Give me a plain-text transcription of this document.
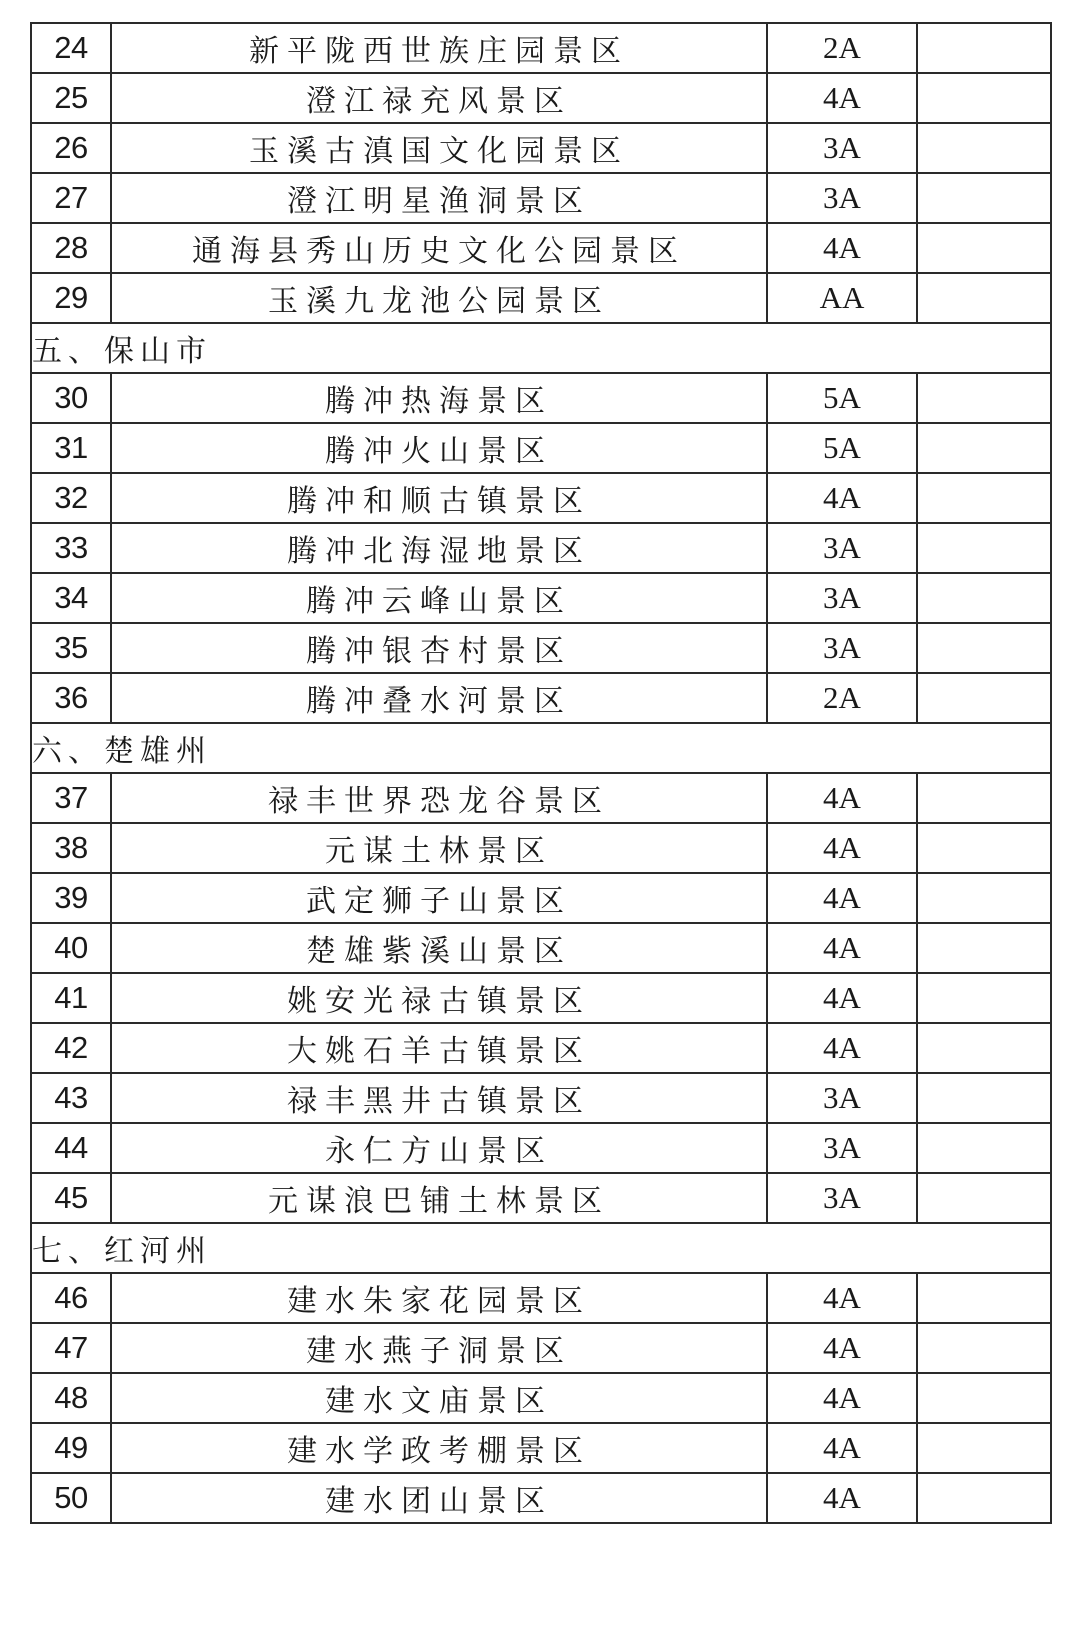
24	新平陇西世族庄园景区	2A	
25	澄江禄充风景区	4A	
26	玉溪古滇国文化园景区	3A	
27	澄江明星渔洞景区	3A	
28	通海县秀山历史文化公园景区	4A	
29	玉溪九龙池公园景区	AA	
五、保山市			
30	腾冲热海景区	5A	
31	腾冲火山景区	5A	
32	腾冲和顺古镇景区	4A	
33	腾冲北海湿地景区	3A	
34	腾冲云峰山景区	3A	
35	腾冲银杏村景区	3A	
36	腾冲叠水河景区	2A	
六、楚雄州			
37	禄丰世界恐龙谷景区	4A	
38	元谋土林景区	4A	
39	武定狮子山景区	4A	
40	楚雄紫溪山景区	4A	
41	姚安光禄古镇景区	4A	
42	大姚石羊古镇景区	4A	
43	禄丰黑井古镇景区	3A	
44	永仁方山景区	3A	
45	元谋浪巴铺土林景区	3A	
七、红河州			
46	建水朱家花园景区	4A	
47	建水燕子洞景区	4A	
48	建水文庙景区	4A	
49	建水学政考棚景区	4A	
50	建水团山景区	4A	
